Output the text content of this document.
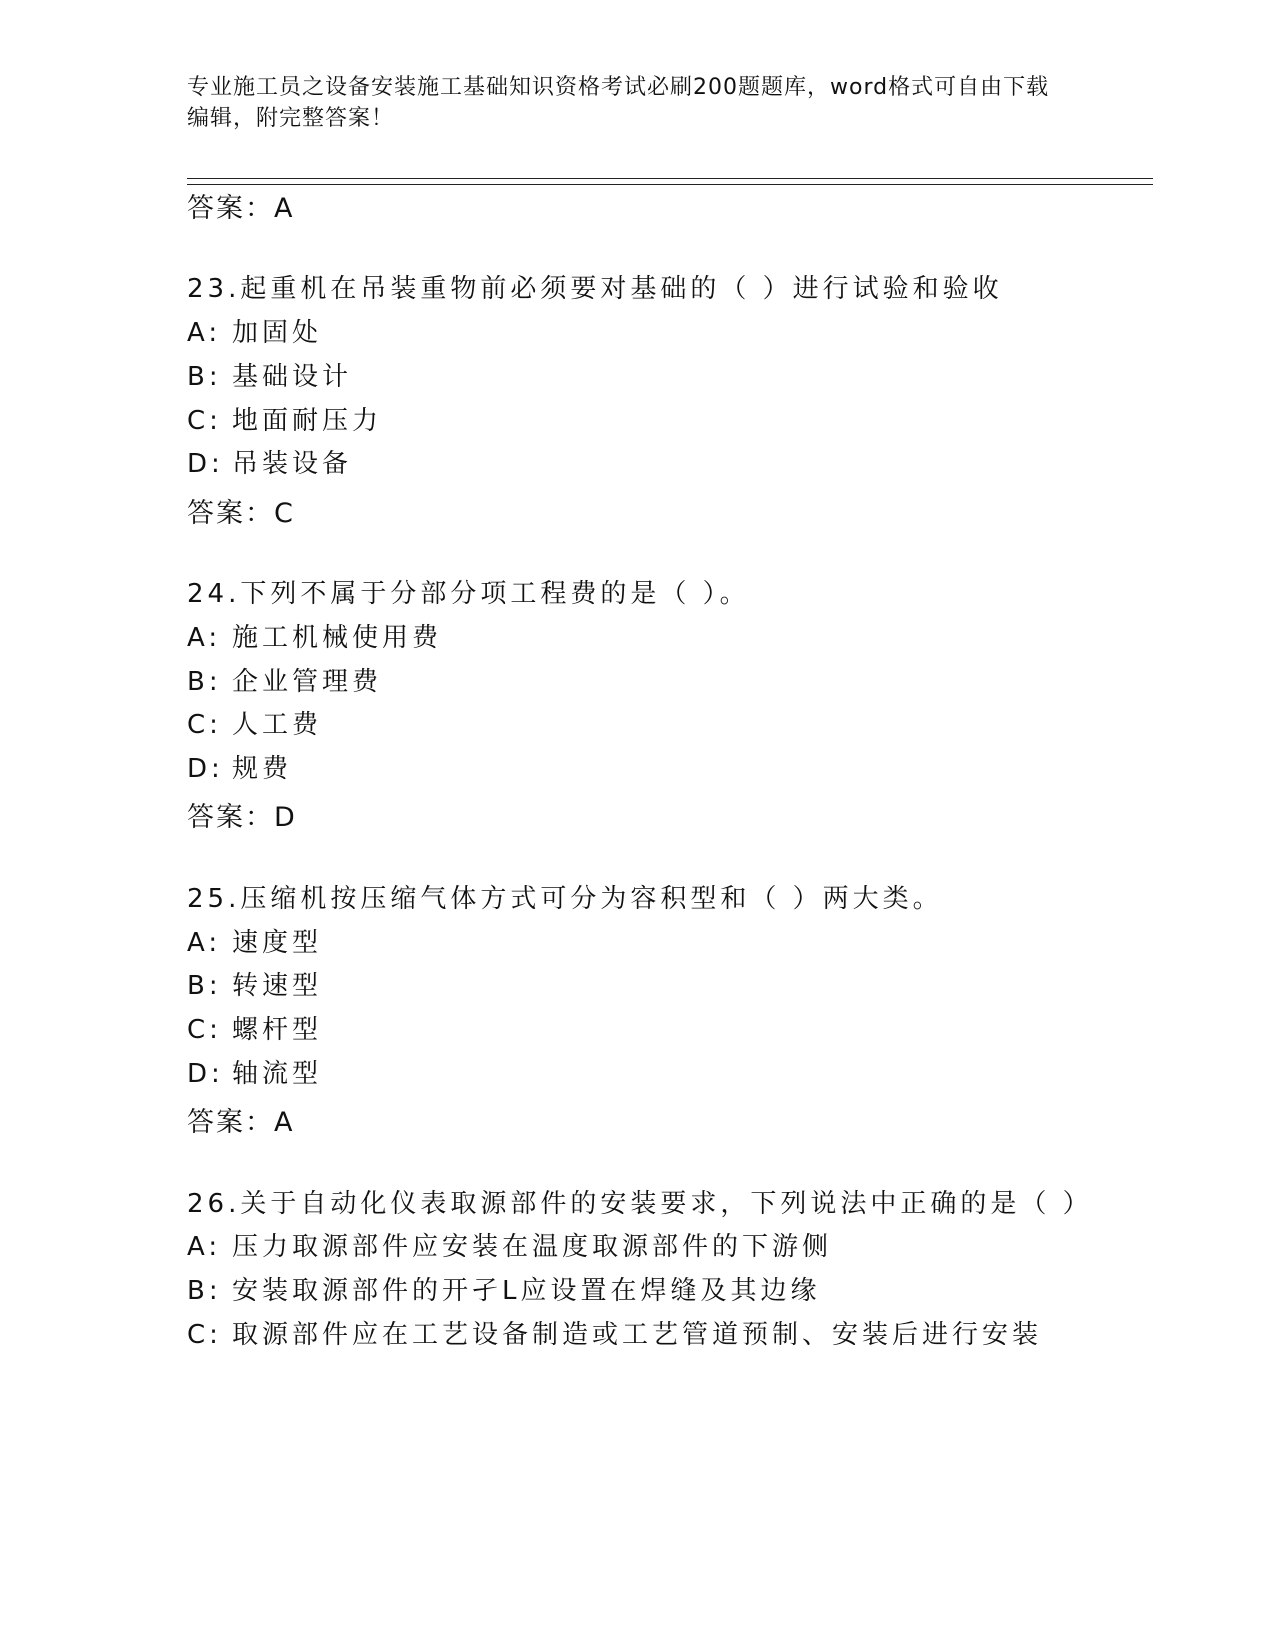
专业施工员之设备安装施工基础知识资格考试必刷200题题库，word格式可自由下载编辑，附完整答案！
答案：A
23.起重机在吊装重物前必须要对基础的（ ）进行试验和验收
A: 加固处
B: 基础设计
C: 地面耐压力
D: 吊装设备
答案：C
24.下列不属于分部分项工程费的是（ ）。
A: 施工机械使用费
B: 企业管理费
C: 人工费
D: 规费
答案：D
25.压缩机按压缩气体方式可分为容积型和（ ）两大类。
A: 速度型
B: 转速型
C: 螺杆型
D: 轴流型
答案：A
26.关于自动化仪表取源部件的安装要求，下列说法中正确的是（ ）
A: 压力取源部件应安装在温度取源部件的下游侧
B: 安装取源部件的开孑L应设置在焊缝及其边缘
C: 取源部件应在工艺设备制造或工艺管道预制、安装后进行安装
